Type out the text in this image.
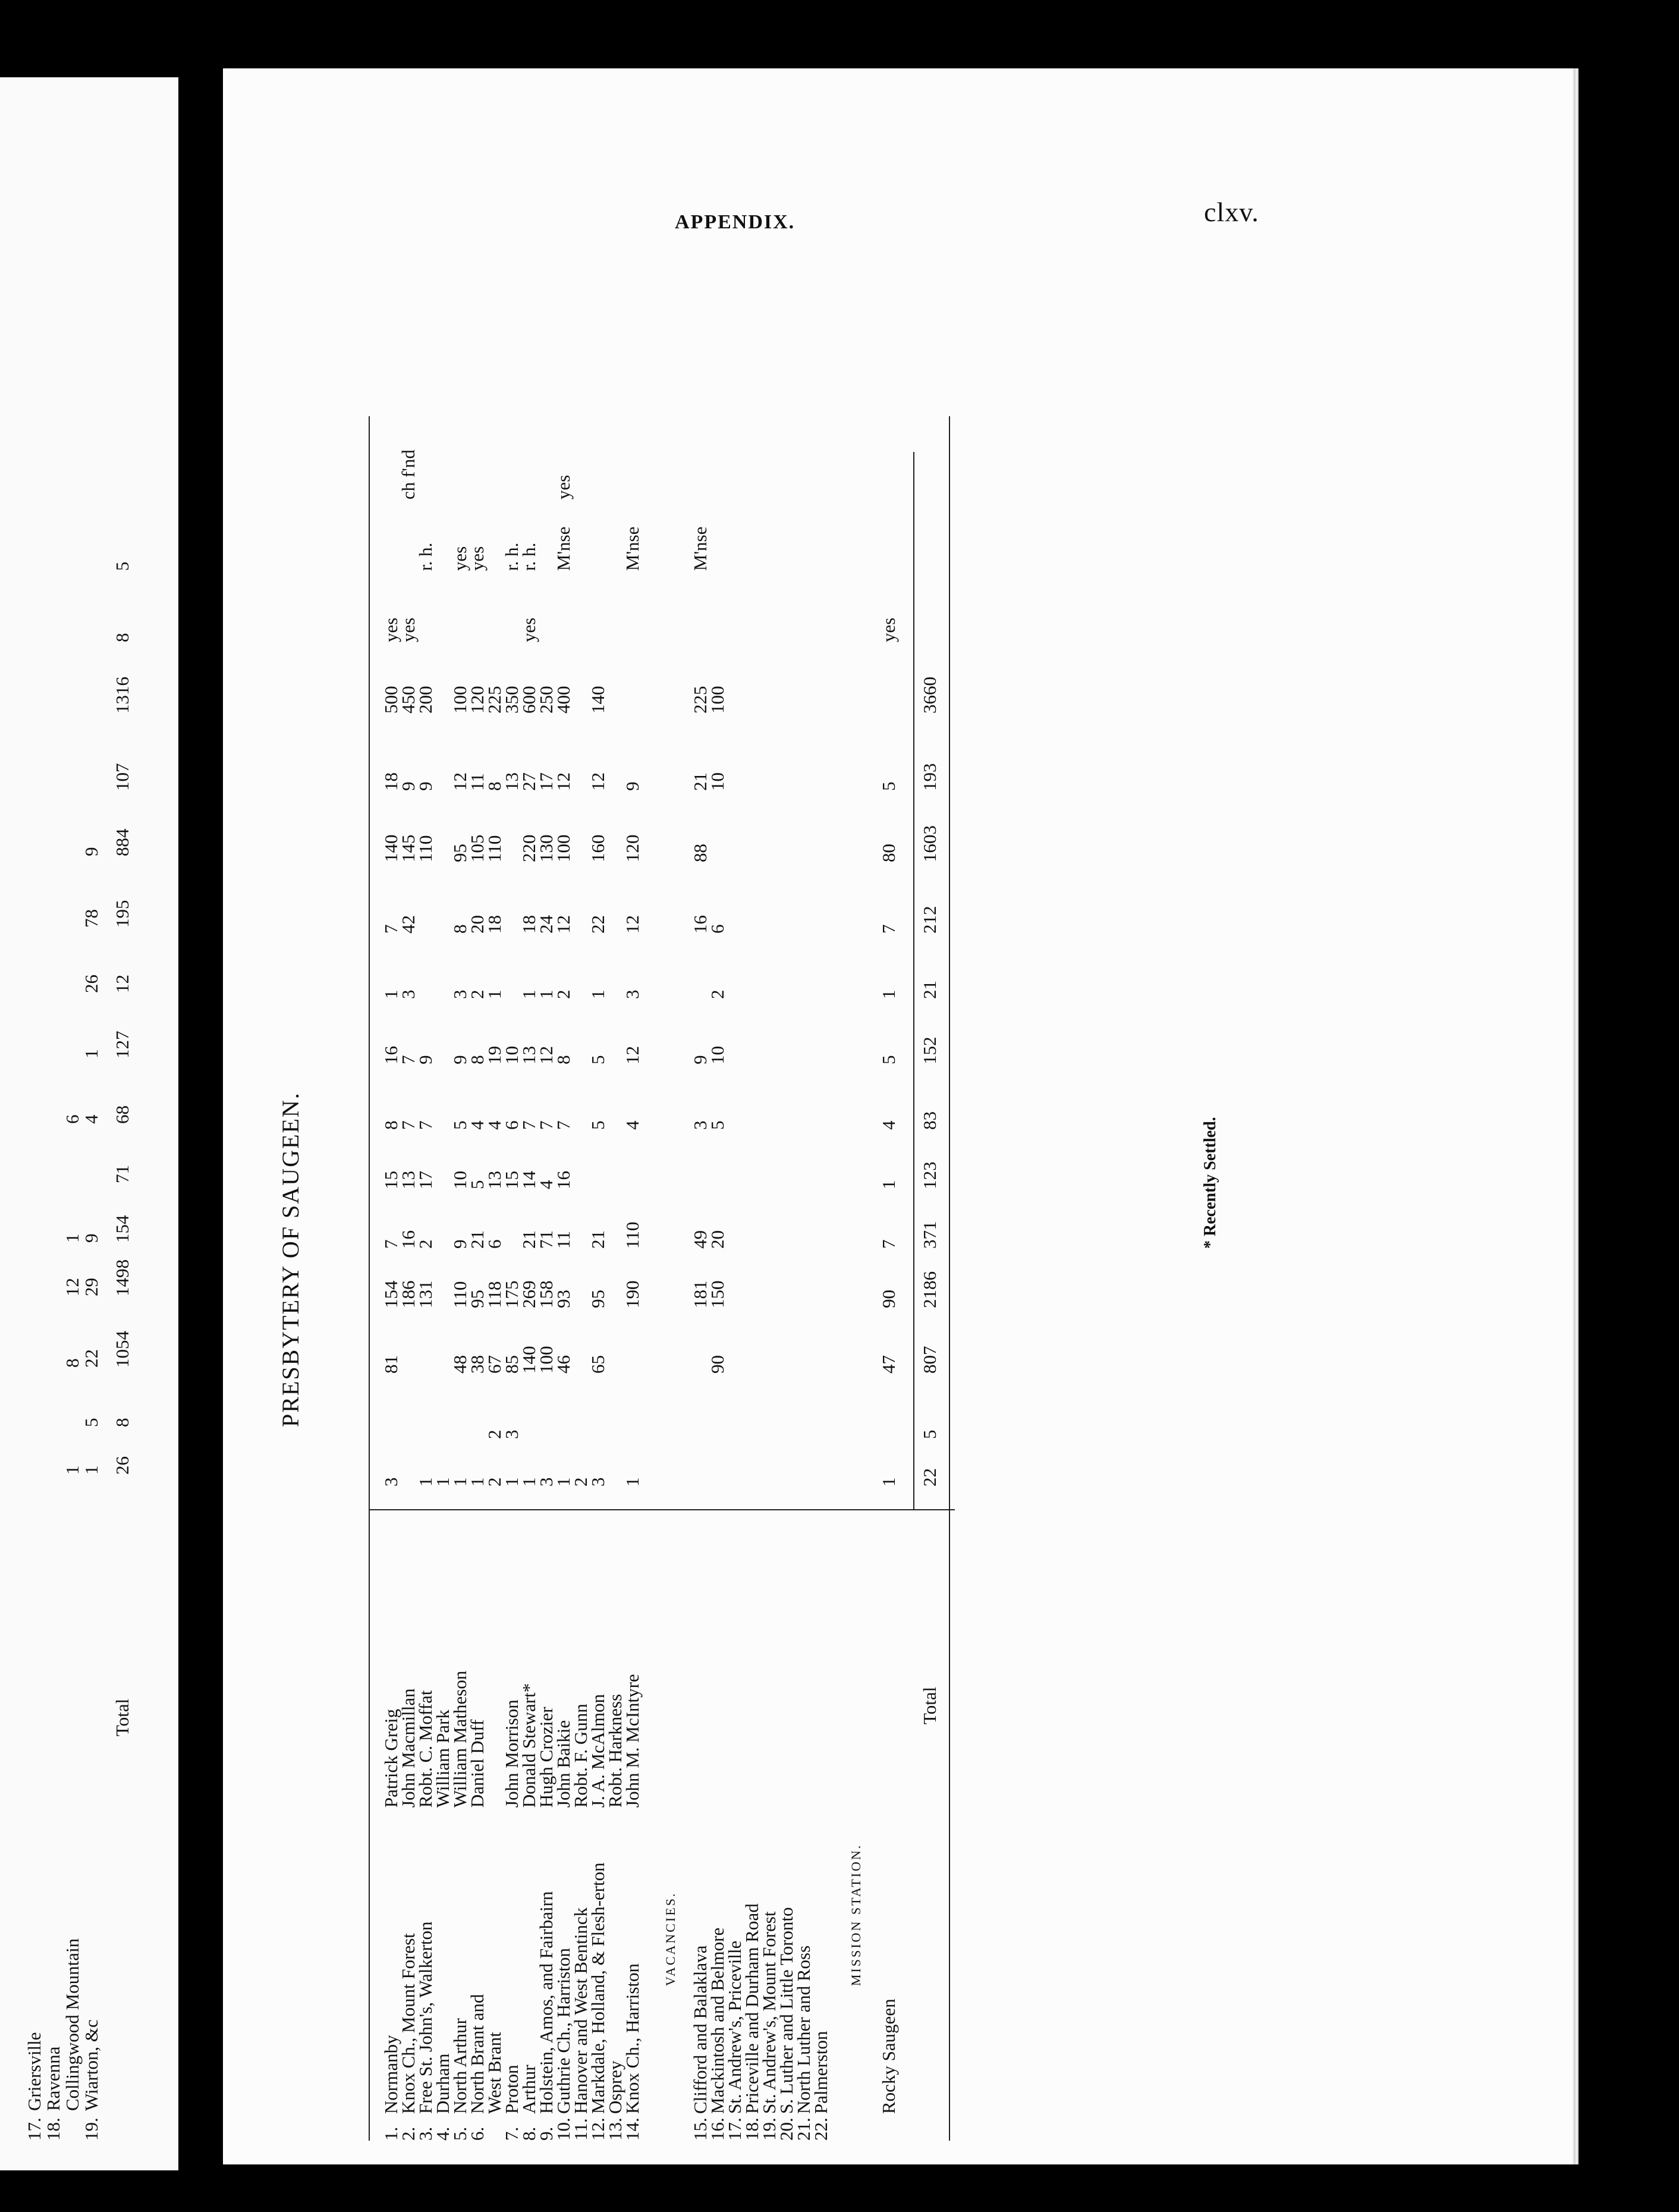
APPENDIX.	clxv.
PRESBYTERY OF SAUGEEN.
1.
Normanby
Patrick Greig
3
81
154
7
15
8
16
1
7
140
18
500
yes
2.
Knox Ch., Mount Forest
John Macmillan
186
16
13
7
7
3
42
145
9
450
yes
ch f'nd
3.
Free St. John's, Walkerton
Robt. C. Moffat
1
131
2
17
7
9
110
9
200
r. h.
4.
Durham
William Park
1
5.
North Arthur
William Matheson
1
48
110
9
10
5
9
3
8
95
12
100
yes
6.
North Brant and
Daniel Duff
1
38
95
21
5
4
8
2
20
105
11
120
yes
West Brant
2
2
67
118
6
13
4
19
1
18
110
8
225
7.
Proton
John Morrison
1
3
85
175
15
6
10
13
350
r. h.
8.
Arthur
Donald Stewart*
1
140
269
21
14
7
13
1
18
220
27
600
yes
r. h.
9.
Holstein, Amos, and Fairbairn
Hugh Crozier
3
100
158
71
4
7
12
1
24
130
17
250
10.
Guthrie Ch., Harriston
John Baikie
1
46
93
11
16
7
8
2
12
100
12
400
M'nse
yes
11.
Hanover and West Bentinck
Robt. F. Gunn
2
12.
Markdale, Holland, & Flesh-erton
J. A. McAlmon
3
65
95
21
5
5
1
22
160
12
140
13.
Osprey
Robt. Harkness
14.
Knox Ch., Harriston
John M. McIntyre
1
190
110
4
12
3
12
120
9
M'nse
VACANCIES.
15.
Clifford and Balaklava
181
49
3
9
16
88
21
225
M'nse
16.
Mackintosh and Belmore
90
150
20
5
10
2
6
10
100
17.
St. Andrew's, Priceville
18.
Priceville and Durham Road
19.
St. Andrew's, Mount Forest
20.
S. Luther and Little Toronto
21.
North Luther and Ross
22.
Palmerston
MISSION STATION.
Rocky Saugeen
1
47
90
7
1
4
5
1
7
80
5
yes
Total
22
5
807
2186
371
123
83
152
21
212
1603
193
3660
* Recently Settled.
17.
Griersville
18.
Ravenna
Collingwood Mountain
1
8
12
1
6
19.
Wiarton, &c
1
5
22
29
9
4
1
26
78
9
Total
26
8
1054
1498
154
71
68
127
12
195
884
107
1316
8
5
